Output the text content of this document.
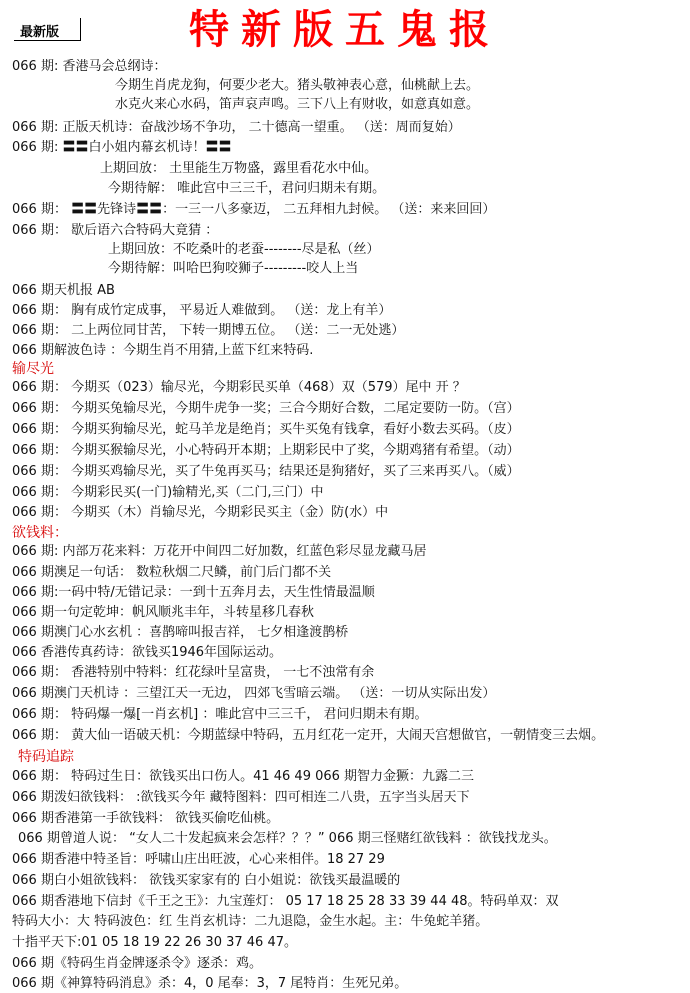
最新版	特新版五鬼报
066 期: 香港马会总纲诗：
今期生肖虎龙狗，何要少老大。猪头敬神表心意，仙桃献上去。
水克火来心水码，笛声哀声鸣。三下八上有财收，如意真如意。
066 期: 正版天机诗：奋战沙场不争功， 二十德高一望重。 （送：周而复始）
066 期: 〓〓白小姐内幕玄机诗！〓〓
上期回放： 土里能生万物盛，露里看花水中仙。
今期待解： 唯此宫中三三千，君问归期未有期。
066 期： 〓〓先锋诗〓〓：一三一八多豪迈， 二五拜相九封候。 （送：来来回回）
066 期： 歇后语六合特码大竟猜 ：
上期回放：不吃桑叶的老蚕--------尽是私（丝）
今期待解：叫哈巴狗咬狮子---------咬人上当
066 期天机报 AB
066 期： 胸有成竹定成事， 平易近人难做到。 （送：龙上有羊）
066 期： 二上两位同甘苦， 下转一期博五位。 （送：二一无处逃）
066 期解波色诗 ：今期生肖不用猜,上蓝下红来特码.
输尽光
066 期： 今期买（023）输尽光，今期彩民买单（468）双（579）尾中 开 ？
066 期： 今期买兔输尽光，今期牛虎争一奖；三合今期好合数，二尾定要防一防。（宫）
066 期： 今期买狗输尽光，蛇马羊龙是绝肖；买牛买兔有钱拿，看好小数去买码。（皮）
066 期： 今期买猴输尽光，小心特码开本期；上期彩民中了奖，今期鸡猪有希望。（动）
066 期： 今期买鸡输尽光，买了牛兔再买马；结果还是狗猪好，买了三来再买八。（威）
066 期： 今期彩民买(一门)输精光,买（二门,三门）中
066 期： 今期买（木）肖输尽光，今期彩民买主（金）防(水）中
欲钱料：
066 期: 内部万花来料：万花开中间四二好加数，红蓝色彩尽显龙藏马居
066 期澳足一句话： 数粒秋烟二尺鳞，前门后门都不关
066 期:一码中特/无错记录：一到十五奔月去，天生性情最温顺
066 期一句定乾坤：帆风顺兆丰年，斗转星移几春秋
066 期澳门心水玄机 ：喜鹊啼叫报吉祥， 七夕相逢渡鹊桥
066 香港传真药诗：欲钱买1946年国际运动。
066 期： 香港特别中特料：红花绿叶呈富贵， 一七不浊常有余
066 期澳门天机诗 ：三望江天一无边， 四郊飞雪暗云端。 （送：一切从实际出发）
066 期： 特码爆一爆[一肖玄机] ：唯此宫中三三千， 君问归期未有期。
066 期： 黄大仙一语破天机：今期蓝绿中特码，五月红花一定开，大闹天宫想做官，一朝情变三去烟。
特码追踪
066 期： 特码过生日：欲钱买出口伤人。41 46 49 066 期智力金獗：九露二三
066 期泼妇欲钱料： :欲钱买今年 藏特图料：四可相连二八贵，五字当头居天下
066 期香港第一手欲钱料： 欲钱买偷吃仙桃。
066 期曾道人说： “女人二十发起疯来会怎样？？？” 066 期三怪赌红欲钱料 ：欲钱找龙头。
066 期香港中特圣旨：呼啸山庄出旺波，心心来相伴。18 27 29
066 期白小姐欲钱料： 欲钱买家家有的 白小姐说：欲钱买最温暖的
066 期香港地下信封《千王之王》：九宝莲灯： 05 17 18 25 28 33 39 44 48。特码单双：双
特码大小：大 特码波色：红 生肖玄机诗：二九退隐，金生水起。主：牛兔蛇羊猪。
十指平天下:01 05 18 19 22 26 30 37 46 47。
066 期《特码生肖金牌逐杀令》逐杀：鸡。
066 期《神算特码消息》杀：4，0 尾奉：3，7 尾特肖：生死兄弟。
